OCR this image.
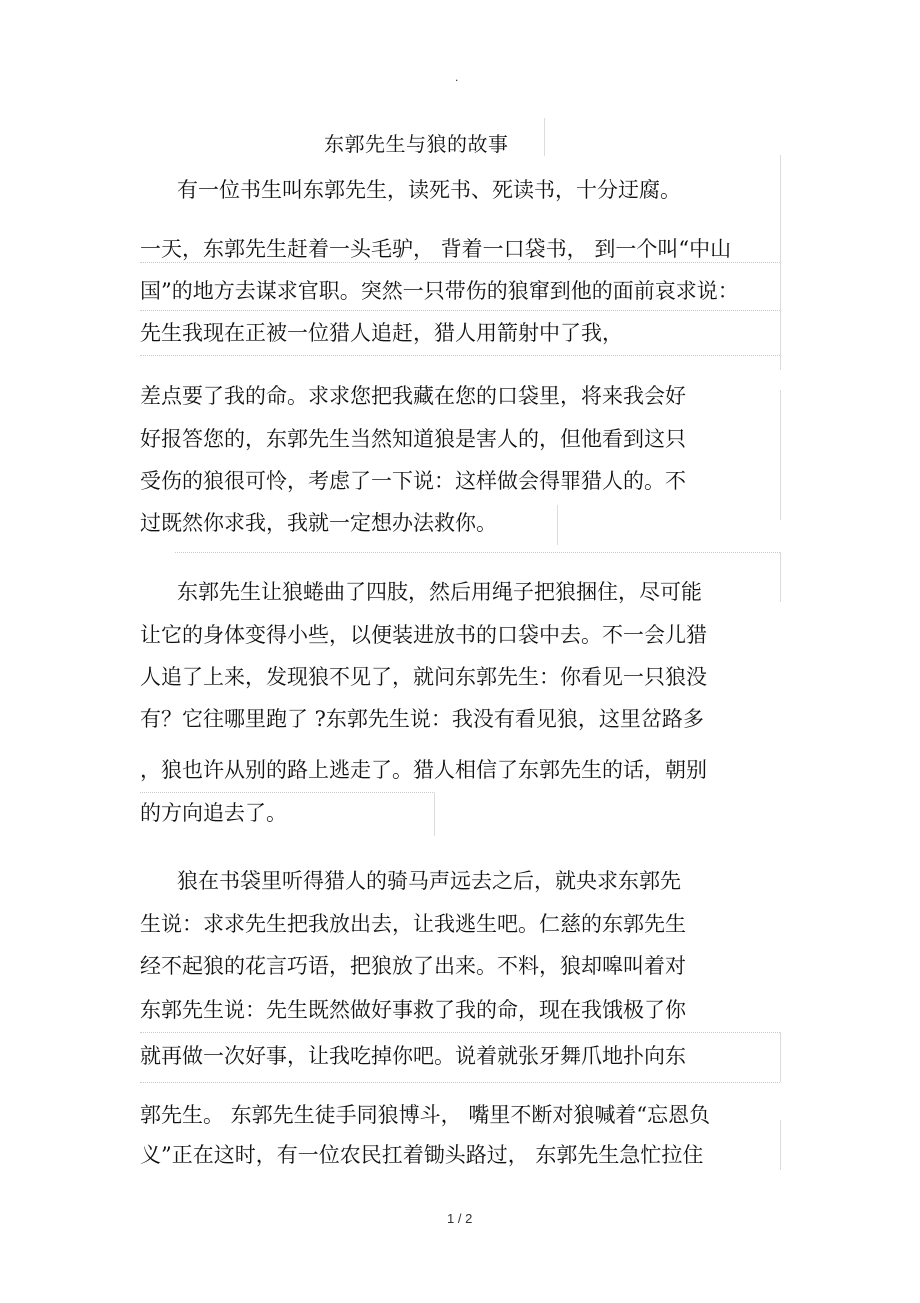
.
东郭先生与狼的故事
有一位书生叫东郭先生，读死书、死读书，十分迂腐。
一天，东郭先生赶着一头毛驴， 背着一口袋书， 到一个叫“中山
国”的地方去谋求官职。突然一只带伤的狼窜到他的面前哀求说：
先生我现在正被一位猎人追赶，猎人用箭射中了我，
差点要了我的命。求求您把我藏在您的口袋里，将来我会好
好报答您的，东郭先生当然知道狼是害人的，但他看到这只
受伤的狼很可怜，考虑了一下说：这样做会得罪猎人的。不
过既然你求我，我就一定想办法救你。
东郭先生让狼蜷曲了四肢，然后用绳子把狼捆住，尽可能
让它的身体变得小些，以便装进放书的口袋中去。不一会儿猎
人追了上来，发现狼不见了，就问东郭先生：你看见一只狼没
有？它往哪里跑了 ?东郭先生说：我没有看见狼，这里岔路多
，狼也许从别的路上逃走了。猎人相信了东郭先生的话，朝别
的方向追去了。
狼在书袋里听得猎人的骑马声远去之后，就央求东郭先
生说：求求先生把我放出去，让我逃生吧。仁慈的东郭先生
经不起狼的花言巧语，把狼放了出来。不料，狼却嗥叫着对
东郭先生说：先生既然做好事救了我的命，现在我饿极了你
就再做一次好事，让我吃掉你吧。说着就张牙舞爪地扑向东
郭先生。 东郭先生徒手同狼博斗， 嘴里不断对狼喊着“忘恩负
义”正在这时，有一位农民扛着锄头路过， 东郭先生急忙拉住
1 / 2
